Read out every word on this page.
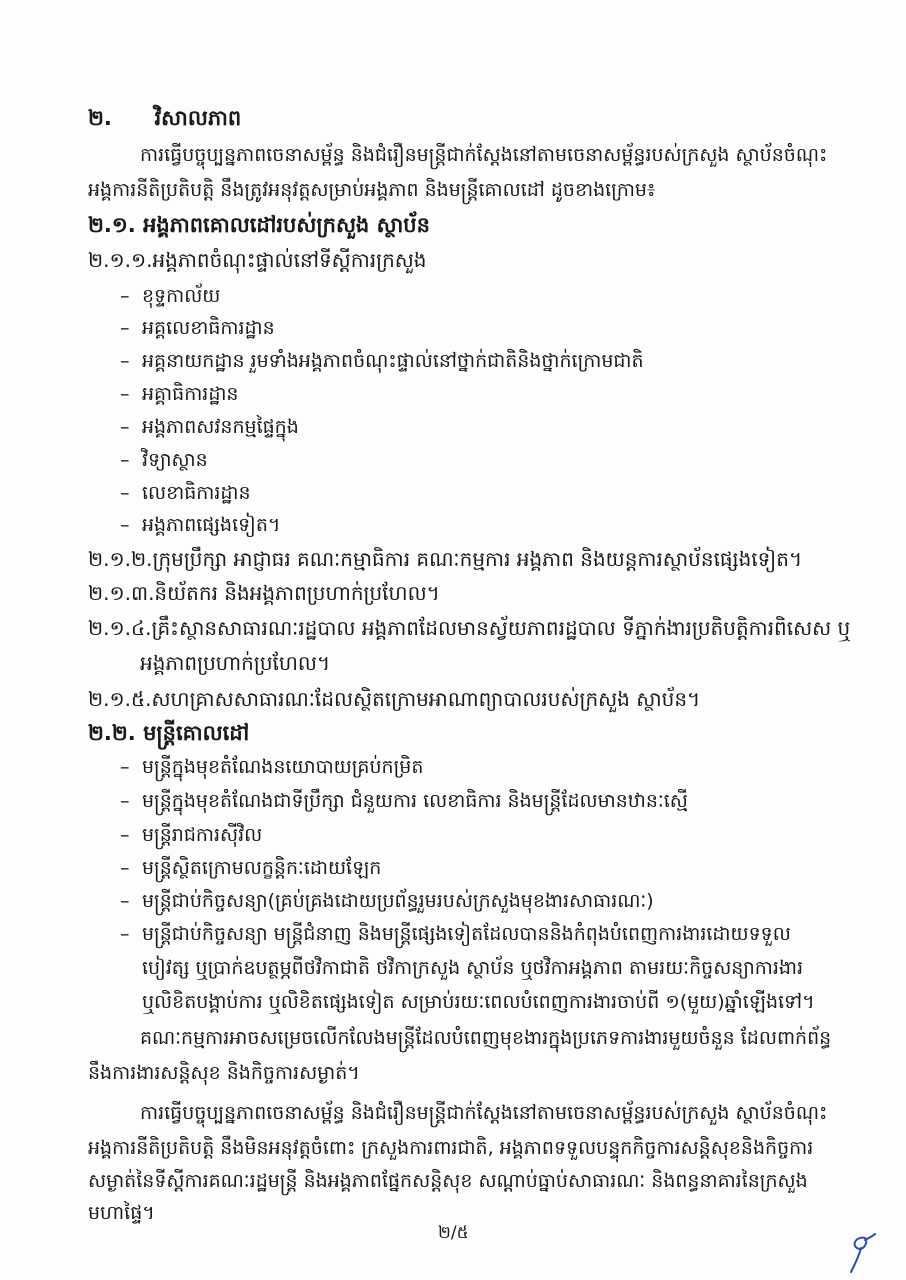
២. វិសាលភាព
ការធ្វើបច្ចុប្បន្នភាពចេនាសម្ព័ន្ធ និងជំរឿនមន្ត្រីជាក់ស្តែងនៅតាមចេនាសម្ព័ន្ធរបស់ក្រសួង ស្ថាប័នចំណុះ
អង្គការនីតិប្រតិបត្តិ នឹងត្រូវអនុវត្តសម្រាប់អង្គភាព និងមន្ត្រីគោលដៅ ដូចខាងក្រោម៖
២.១. អង្គភាពគោលដៅរបស់ក្រសួង ស្ថាប័ន
២.១.១.អង្គភាពចំណុះផ្ទាល់នៅទីស្តីការក្រសួង
– ខុទ្ទកាល័យ
– អគ្គលេខាធិការដ្ឋាន
– អគ្គនាយកដ្ឋាន រួមទាំងអង្គភាពចំណុះផ្ទាល់នៅថ្នាក់ជាតិនិងថ្នាក់ក្រោមជាតិ
– អគ្គាធិការដ្ឋាន
– អង្គភាពសវនកម្មផ្ទៃក្នុង
– វិទ្យាស្ថាន
– លេខាធិការដ្ឋាន
– អង្គភាពផ្សេងទៀត។
២.១.២.ក្រុមប្រឹក្សា អាជ្ញាធរ គណៈកម្មាធិការ គណៈកម្មការ អង្គភាព និងយន្តការស្ថាប័នផ្សេងទៀត។
២.១.៣.និយ័តករ និងអង្គភាពប្រហាក់ប្រហែល។
២.១.៤.គ្រឹះស្ថានសាធារណៈរដ្ឋបាល អង្គភាពដែលមានស្វ័យភាពរដ្ឋបាល ទីភ្នាក់ងារប្រតិបត្តិការពិសេស ឬ
អង្គភាពប្រហាក់ប្រហែល។
២.១.៥.សហគ្រាសសាធារណៈដែលស្ថិតក្រោមអាណាព្យាបាលរបស់ក្រសួង ស្ថាប័ន។
២.២. មន្ត្រីគោលដៅ
– មន្ត្រីក្នុងមុខតំណែងនយោបាយគ្រប់កម្រិត
– មន្ត្រីក្នុងមុខតំណែងជាទីប្រឹក្សា ជំនួយការ លេខាធិការ និងមន្ត្រីដែលមានឋានៈស្មើ
– មន្ត្រីរាជការស៊ីវិល
– មន្ត្រីស្ថិតក្រោមលក្ខន្តិកៈដោយឡែក
– មន្ត្រីជាប់កិច្ចសន្យា(គ្រប់គ្រងដោយប្រព័ន្ធរួមរបស់ក្រសួងមុខងារសាធារណៈ)
– មន្ត្រីជាប់កិច្ចសន្យា មន្ត្រីជំនាញ និងមន្ត្រីផ្សេងទៀតដែលបាននិងកំពុងបំពេញការងារដោយទទួល
បៀវត្ស ឬប្រាក់ឧបត្ថម្ភពីថវិកាជាតិ ថវិកាក្រសួង ស្ថាប័ន ឬថវិកាអង្គភាព តាមរយៈកិច្ចសន្យាការងារ
ឬលិខិតបង្គាប់ការ ឬលិខិតផ្សេងទៀត សម្រាប់រយៈពេលបំពេញការងារចាប់ពី ១(មួយ)ឆ្នាំឡើងទៅ។
គណៈកម្មការអាចសម្រេចលើកលែងមន្ត្រីដែលបំពេញមុខងារក្នុងប្រភេទការងារមួយចំនួន ដែលពាក់ព័ន្ធ
នឹងការងារសន្តិសុខ និងកិច្ចការសម្ងាត់។
ការធ្វើបច្ចុប្បន្នភាពចេនាសម្ព័ន្ធ និងជំរឿនមន្ត្រីជាក់ស្តែងនៅតាមចេនាសម្ព័ន្ធរបស់ក្រសួង ស្ថាប័នចំណុះ
អង្គការនីតិប្រតិបត្តិ នឹងមិនអនុវត្តចំពោះ ក្រសួងការពារជាតិ, អង្គភាពទទួលបន្ទុកកិច្ចការសន្តិសុខនិងកិច្ចការ
សម្ងាត់នៃទីស្តីការគណៈរដ្ឋមន្ត្រី និងអង្គភាពផ្នែកសន្តិសុខ សណ្តាប់ធ្នាប់សាធារណៈ និងពន្ធនាគារនៃក្រសួង
មហាផ្ទៃ។
២/៥
